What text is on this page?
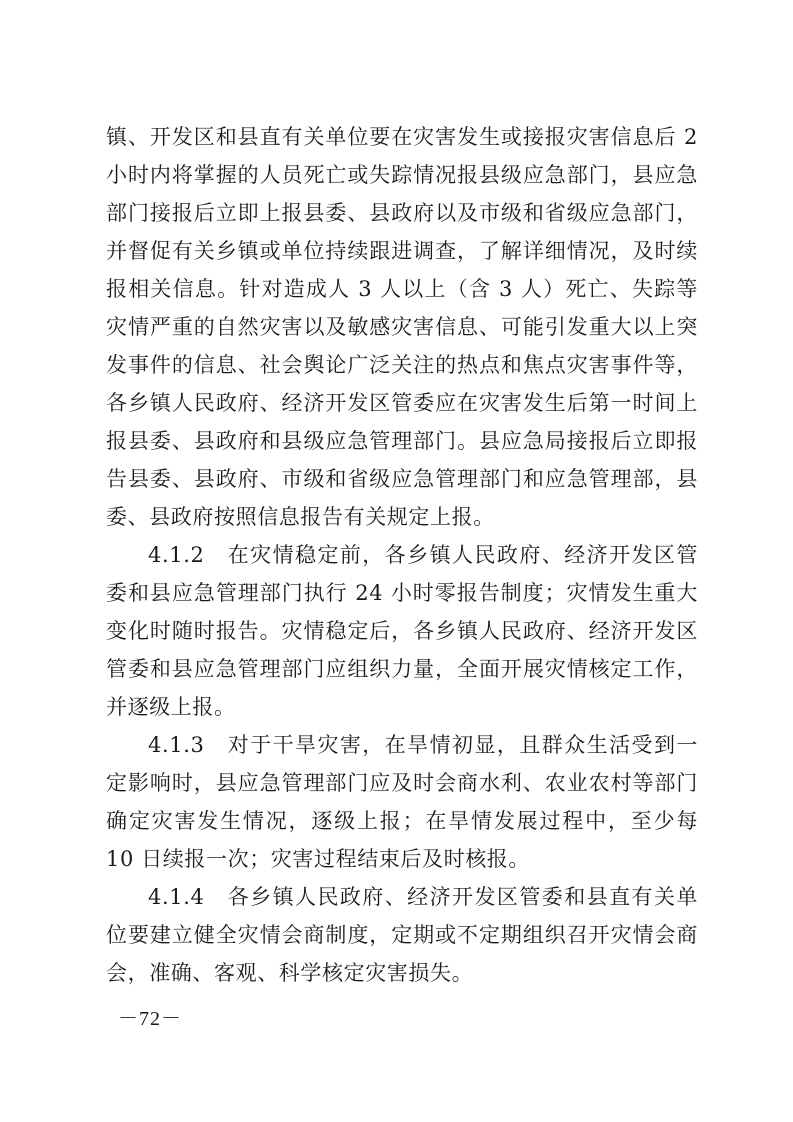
镇、开发区和县直有关单位要在灾害发生或接报灾害信息后 2 小时内将掌握的人员死亡或失踪情况报县级应急部门，县应急部门接报后立即上报县委、县政府以及市级和省级应急部门，并督促有关乡镇或单位持续跟进调查，了解详细情况，及时续报相关信息。针对造成人 3 人以上（含 3 人）死亡、失踪等灾情严重的自然灾害以及敏感灾害信息、可能引发重大以上突发事件的信息、社会舆论广泛关注的热点和焦点灾害事件等，各乡镇人民政府、经济开发区管委应在灾害发生后第一时间上报县委、县政府和县级应急管理部门。县应急局接报后立即报告县委、县政府、市级和省级应急管理部门和应急管理部，县委、县政府按照信息报告有关规定上报。

4.1.2　在灾情稳定前，各乡镇人民政府、经济开发区管委和县应急管理部门执行 24 小时零报告制度；灾情发生重大变化时随时报告。灾情稳定后，各乡镇人民政府、经济开发区管委和县应急管理部门应组织力量，全面开展灾情核定工作，并逐级上报。

4.1.3　对于干旱灾害，在旱情初显，且群众生活受到一定影响时，县应急管理部门应及时会商水利、农业农村等部门确定灾害发生情况，逐级上报；在旱情发展过程中，至少每 10 日续报一次；灾害过程结束后及时核报。

4.1.4　各乡镇人民政府、经济开发区管委和县直有关单位要建立健全灾情会商制度，定期或不定期组织召开灾情会商会，准确、客观、科学核定灾害损失。

－72－
